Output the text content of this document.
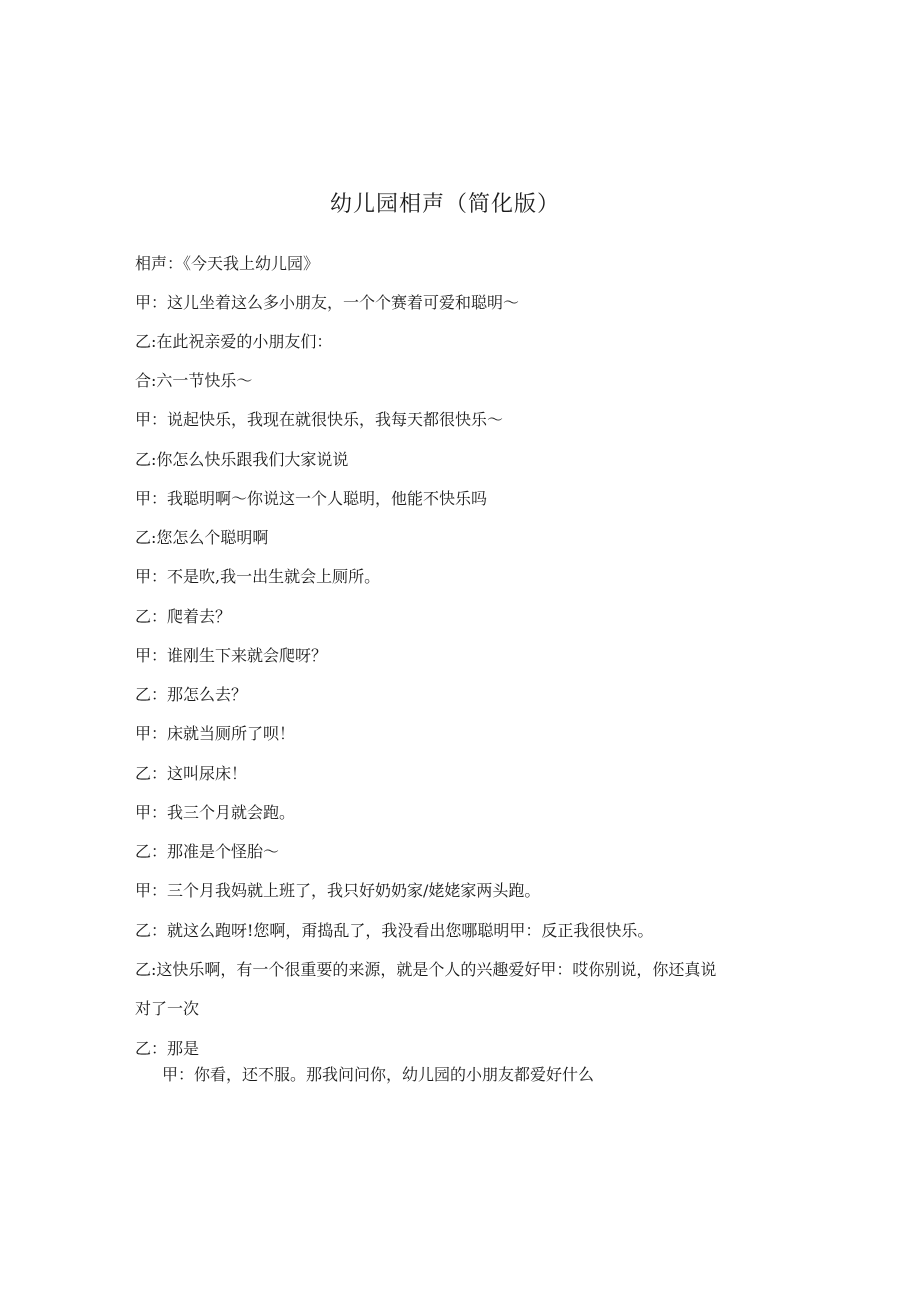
幼儿园相声（简化版）
相声：《今天我上幼儿园》
甲：这儿坐着这么多小朋友，一个个赛着可爱和聪明～
乙:在此祝亲爱的小朋友们：
合:六一节快乐～
甲：说起快乐，我现在就很快乐，我每天都很快乐～
乙:你怎么快乐跟我们大家说说
甲：我聪明啊～你说这一个人聪明，他能不快乐吗
乙:您怎么个聪明啊
甲：不是吹,我一出生就会上厕所。
乙：爬着去？
甲：谁刚生下来就会爬呀？
乙：那怎么去？
甲：床就当厕所了呗！
乙：这叫尿床！
甲：我三个月就会跑。
乙：那准是个怪胎～
甲：三个月我妈就上班了，我只好奶奶家/姥姥家两头跑。
乙：就这么跑呀!您啊，甭捣乱了，我没看出您哪聪明甲：反正我很快乐。
乙:这快乐啊，有一个很重要的来源，就是个人的兴趣爱好甲：哎你别说，你还真说
对了一次
乙：那是
甲：你看，还不服。那我问问你，幼儿园的小朋友都爱好什么
